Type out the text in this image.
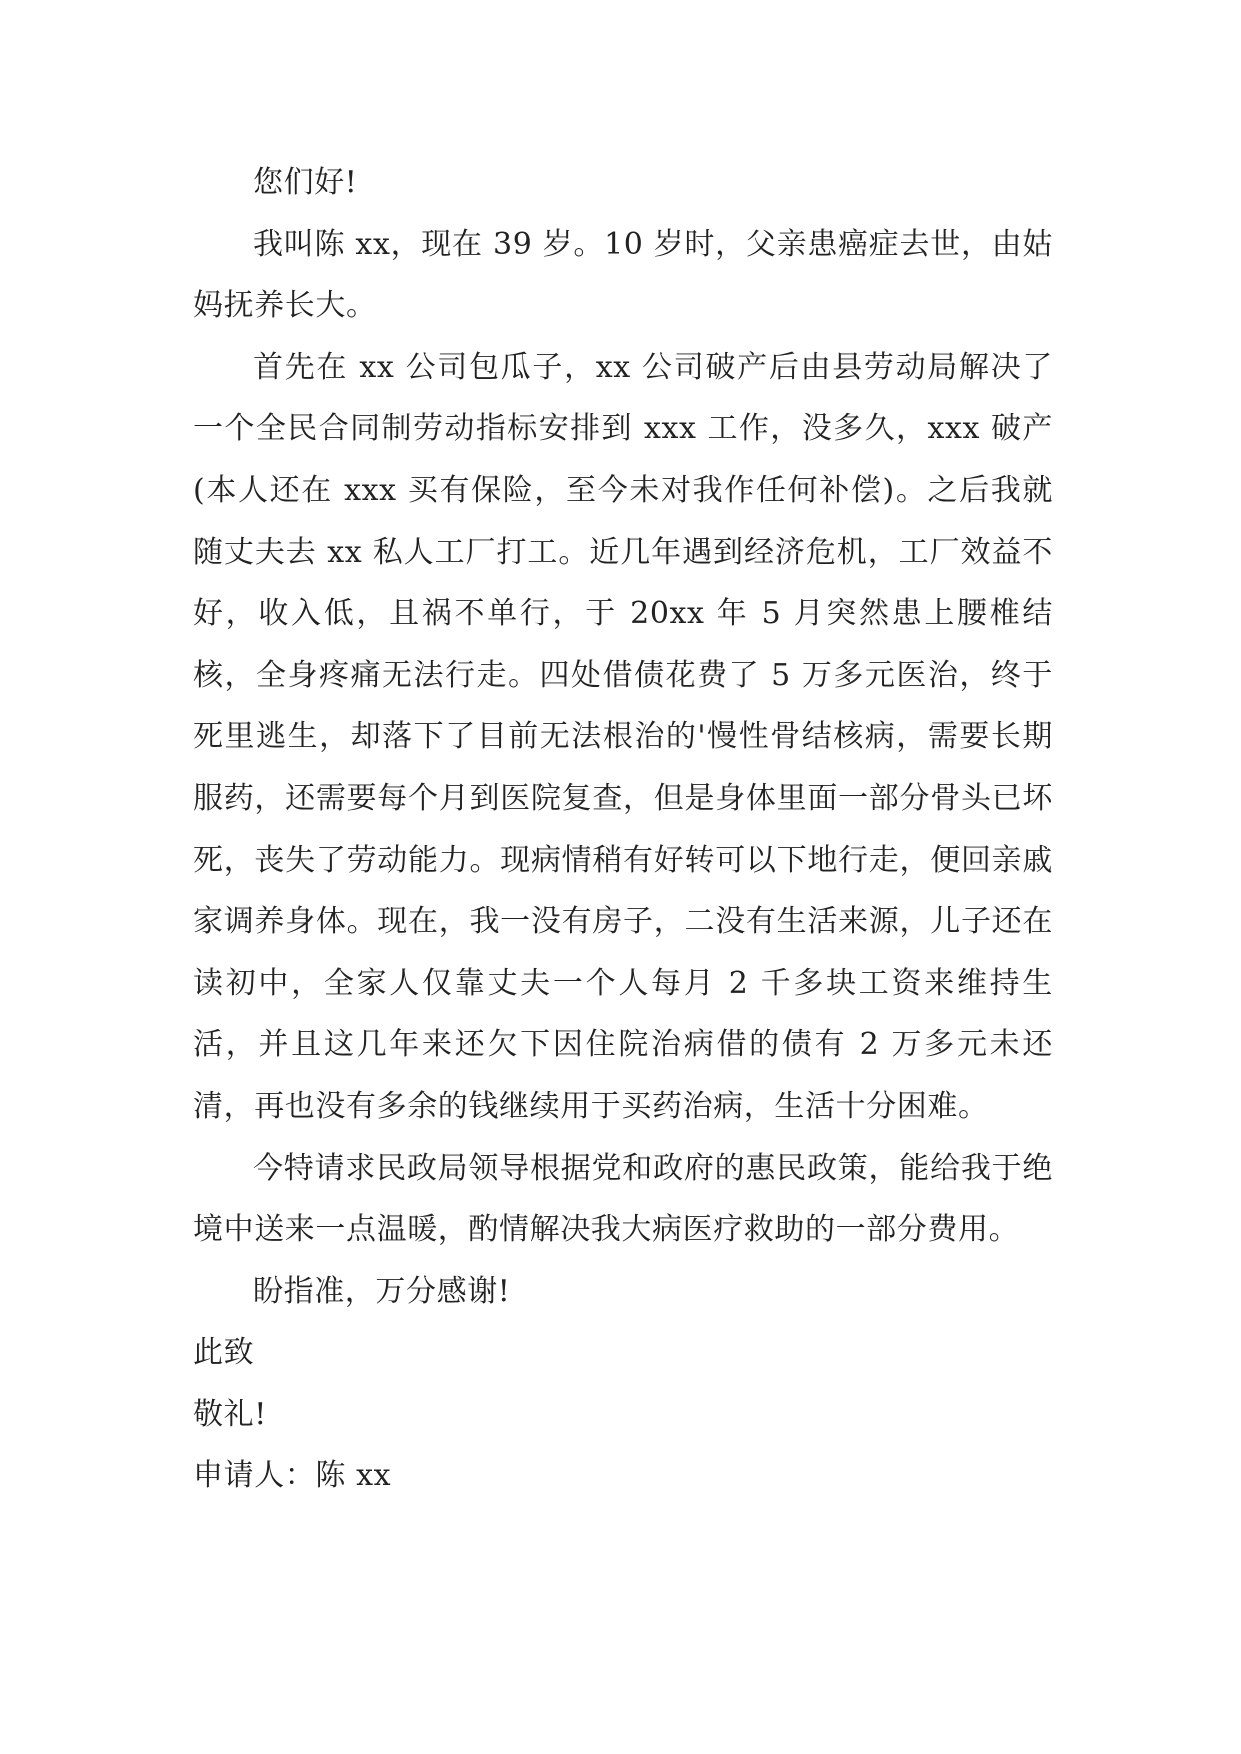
您们好!

我叫陈 xx，现在 39 岁。10 岁时，父亲患癌症去世，由姑妈抚养长大。

首先在 xx 公司包瓜子，xx 公司破产后由县劳动局解决了一个全民合同制劳动指标安排到 xxx 工作，没多久，xxx 破产(本人还在 xxx 买有保险，至今未对我作任何补偿)。之后我就随丈夫去 xx 私人工厂打工。近几年遇到经济危机，工厂效益不好，收入低，且祸不单行，于 20xx 年 5 月突然患上腰椎结核，全身疼痛无法行走。四处借债花费了 5 万多元医治，终于死里逃生，却落下了目前无法根治的'慢性骨结核病，需要长期服药，还需要每个月到医院复查，但是身体里面一部分骨头已坏死，丧失了劳动能力。现病情稍有好转可以下地行走，便回亲戚家调养身体。现在，我一没有房子，二没有生活来源，儿子还在读初中，全家人仅靠丈夫一个人每月 2 千多块工资来维持生活，并且这几年来还欠下因住院治病借的债有 2 万多元未还清，再也没有多余的钱继续用于买药治病，生活十分困难。

今特请求民政局领导根据党和政府的惠民政策，能给我于绝境中送来一点温暖，酌情解决我大病医疗救助的一部分费用。

盼指准，万分感谢!

此致

敬礼!

申请人：陈 xx
